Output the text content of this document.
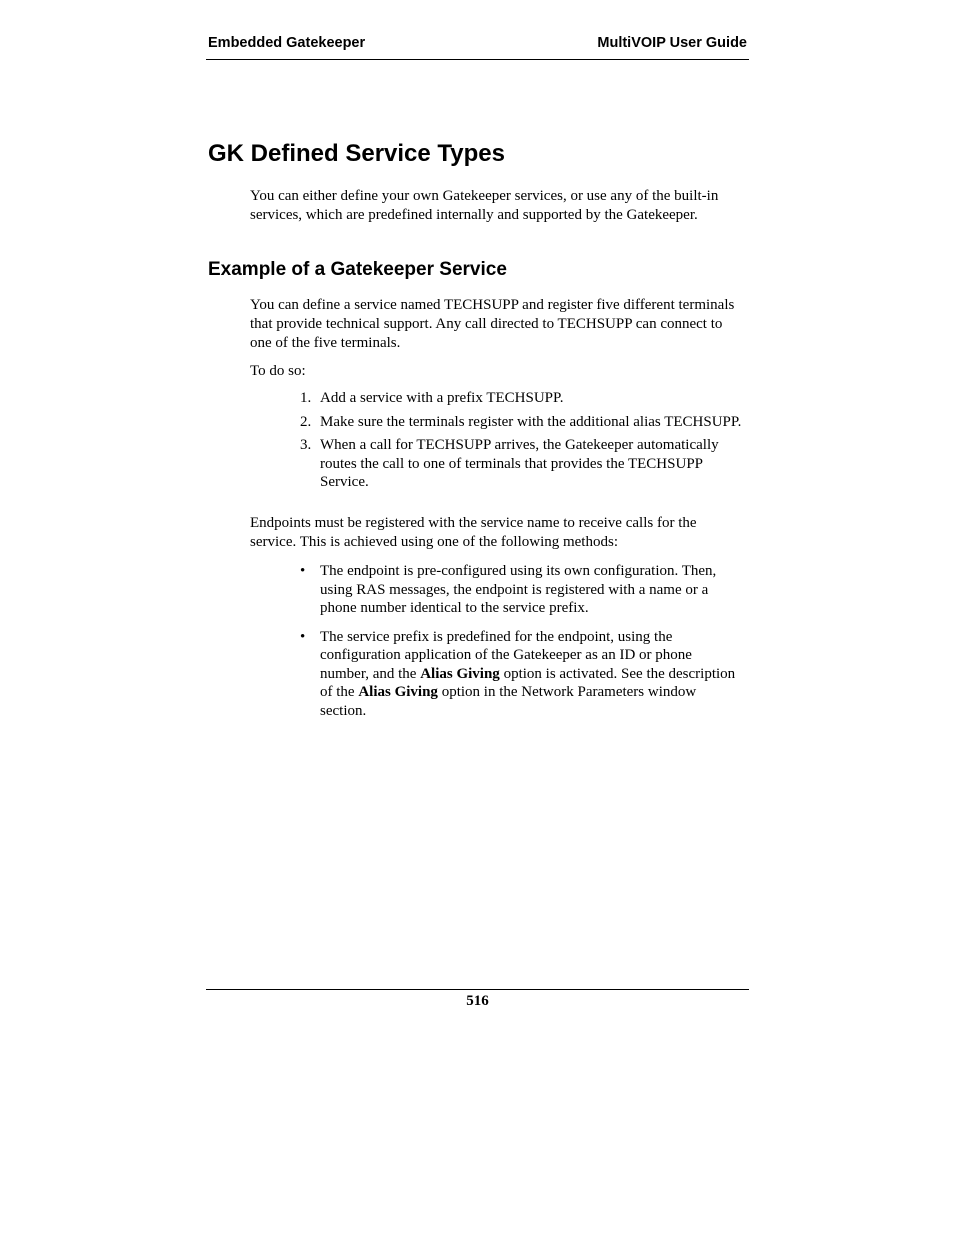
Embedded Gatekeeper	MultiVOIP User Guide
GK Defined Service Types

You can either define your own Gatekeeper services, or use any of the built-in services, which are predefined internally and supported by the Gatekeeper.

Example of a Gatekeeper Service

You can define a service named TECHSUPP and register five different terminals that provide technical support. Any call directed to TECHSUPP can connect to one of the five terminals.

To do so:

1. Add a service with a prefix TECHSUPP.
2. Make sure the terminals register with the additional alias TECHSUPP.
3. When a call for TECHSUPP arrives, the Gatekeeper automatically routes the call to one of terminals that provides the TECHSUPP Service.

Endpoints must be registered with the service name to receive calls for the service. This is achieved using one of the following methods:

• The endpoint is pre-configured using its own configuration. Then, using RAS messages, the endpoint is registered with a name or a phone number identical to the service prefix.
• The service prefix is predefined for the endpoint, using the configuration application of the Gatekeeper as an ID or phone number, and the Alias Giving option is activated. See the description of the Alias Giving option in the Network Parameters window section.
516
